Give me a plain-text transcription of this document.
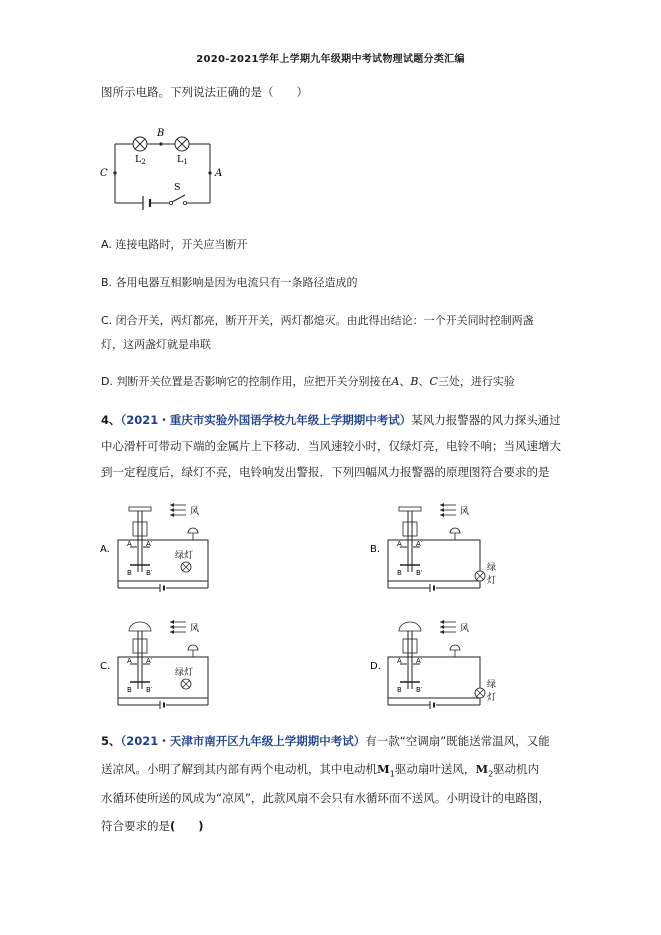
2020-2021学年上学期九年级期中考试物理试题分类汇编
图所示电路。下列说法正确的是（　　）
B
C	A
$L_2$	$L_1$
S
A. 连接电路时，开关应当断开
B. 各用电器互相影响是因为电流只有一条路径造成的
C. 闭合开关，两灯都亮，断开开关，两灯都熄灭。由此得出结论：一个开关同时控制两盏
灯，这两盏灯就是串联
D. 判断开关位置是否影响它的控制作用，应把开关分别接在A、B、C三处，进行实验
4、（2021・重庆市实验外国语学校九年级上学期期中考试）某风力报警器的风力探头通过
中心滑杆可带动下端的金属片上下移动．当风速较小时，仅绿灯亮，电铃不响；当风速增大
到一定程度后，绿灯不亮，电铃响发出警报．下列四幅风力报警器的原理图符合要求的是
A.
风
A A′
B B′
绿灯
B.
风
A A′
B B′	绿
灯
C.
风
A A′
B B′
绿灯
D.
风
A A′
B B′	绿
灯
5、（2021・天津市南开区九年级上学期期中考试）有一款“空调扇”既能送常温风，又能
送凉风。小明了解到其内部有两个电动机，其中电动机$M_1$驱动扇叶送风，$M_2$驱动机内
水循环使所送的风成为“凉风”，此款风扇不会只有水循环而不送风。小明设计的电路图，
符合要求的是(　　)
